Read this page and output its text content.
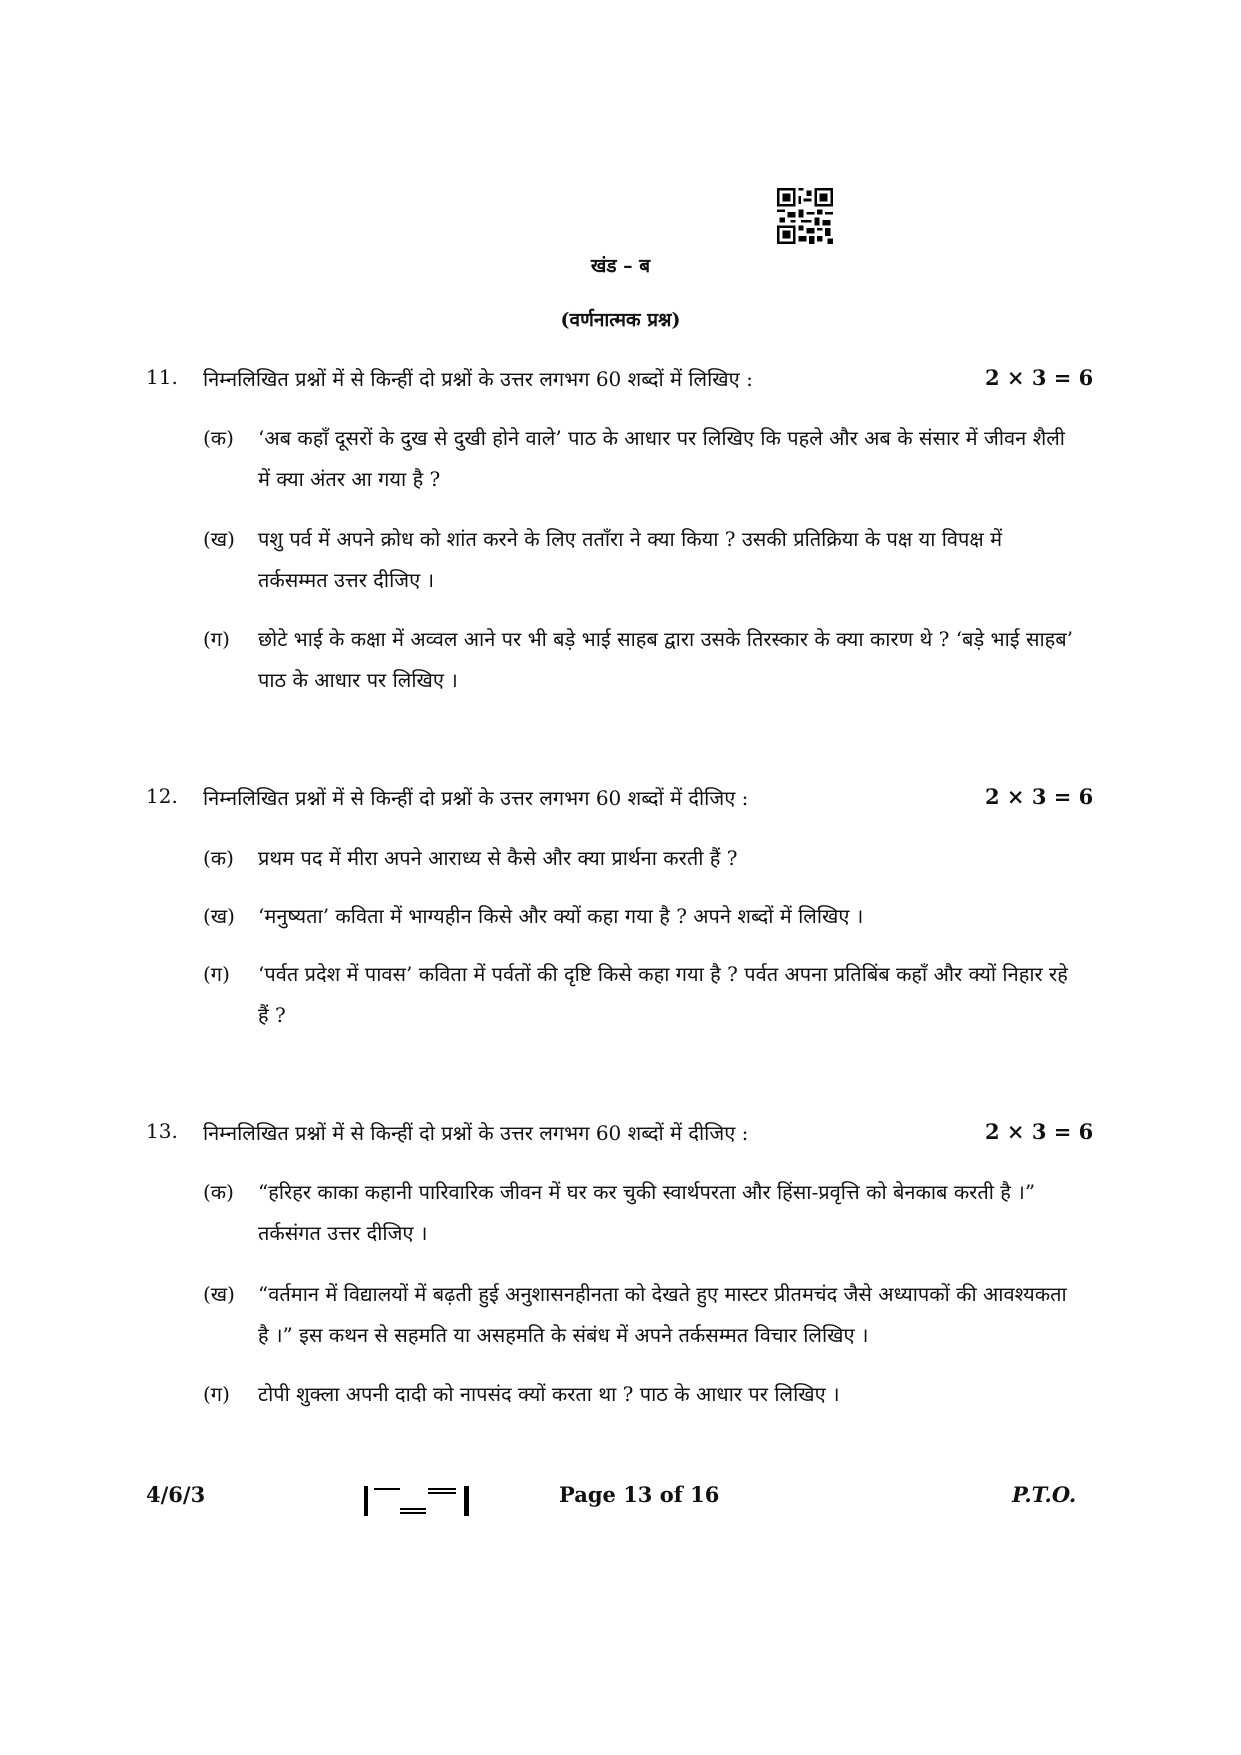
खंड – ब
(वर्णनात्मक प्रश्न)
11. निम्नलिखित प्रश्नों में से किन्हीं दो प्रश्नों के उत्तर लगभग 60 शब्दों में लिखिए :	2 × 3 = 6
(क) ‘अब कहाँ दूसरों के दुख से दुखी होने वाले’ पाठ के आधार पर लिखिए कि पहले और अब के संसार में जीवन शैली में क्या अंतर आ गया है ?
(ख) पशु पर्व में अपने क्रोध को शांत करने के लिए तताँरा ने क्या किया ? उसकी प्रतिक्रिया के पक्ष या विपक्ष में तर्कसम्मत उत्तर दीजिए ।
(ग) छोटे भाई के कक्षा में अव्वल आने पर भी बड़े भाई साहब द्वारा उसके तिरस्कार के क्या कारण थे ? ‘बड़े भाई साहब’ पाठ के आधार पर लिखिए ।
12. निम्नलिखित प्रश्नों में से किन्हीं दो प्रश्नों के उत्तर लगभग 60 शब्दों में दीजिए :	2 × 3 = 6
(क) प्रथम पद में मीरा अपने आराध्य से कैसे और क्या प्रार्थना करती हैं ?
(ख) ‘मनुष्यता’ कविता में भाग्यहीन किसे और क्यों कहा गया है ? अपने शब्दों में लिखिए ।
(ग) ‘पर्वत प्रदेश में पावस’ कविता में पर्वतों की दृष्टि किसे कहा गया है ? पर्वत अपना प्रतिबिंब कहाँ और क्यों निहार रहे हैं ?
13. निम्नलिखित प्रश्नों में से किन्हीं दो प्रश्नों के उत्तर लगभग 60 शब्दों में दीजिए :	2 × 3 = 6
(क) “हरिहर काका कहानी पारिवारिक जीवन में घर कर चुकी स्वार्थपरता और हिंसा-प्रवृत्ति को बेनकाब करती है ।” तर्कसंगत उत्तर दीजिए ।
(ख) “वर्तमान में विद्यालयों में बढ़ती हुई अनुशासनहीनता को देखते हुए मास्टर प्रीतमचंद जैसे अध्यापकों की आवश्यकता है ।” इस कथन से सहमति या असहमति के संबंध में अपने तर्कसम्मत विचार लिखिए ।
(ग) टोपी शुक्ला अपनी दादी को नापसंद क्यों करता था ? पाठ के आधार पर लिखिए ।
4/6/3	Page 13 of 16	P.T.O.
